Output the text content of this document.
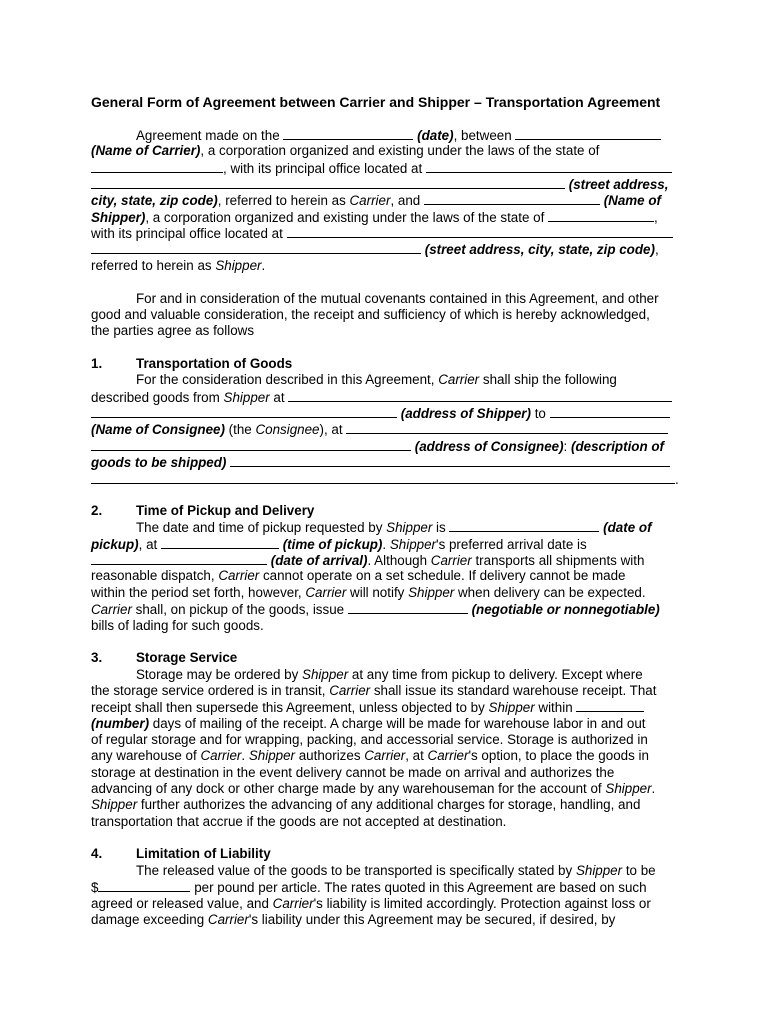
General Form of Agreement between Carrier and Shipper – Transportation Agreement
Agreement made on the	(date), between
(Name of Carrier), a corporation organized and existing under the laws of the state of
, with its principal office located at
(street address,
city, state, zip code), referred to herein as Carrier, and	(Name of
Shipper), a corporation organized and existing under the laws of the state of	,
with its principal office located at
(street address, city, state, zip code),
referred to herein as Shipper.
For and in consideration of the mutual covenants contained in this Agreement, and other
good and valuable consideration, the receipt and sufficiency of which is hereby acknowledged,
the parties agree as follows
1.	Transportation of Goods
For the consideration described in this Agreement, Carrier shall ship the following
described goods from Shipper at
(address of Shipper) to
(Name of Consignee) (the Consignee), at
(address of Consignee): (description of
goods to be shipped)
.
2.	Time of Pickup and Delivery
The date and time of pickup requested by Shipper is	(date of
pickup), at	(time of pickup). Shipper's preferred arrival date is
(date of arrival). Although Carrier transports all shipments with
reasonable dispatch, Carrier cannot operate on a set schedule. If delivery cannot be made
within the period set forth, however, Carrier will notify Shipper when delivery can be expected.
Carrier shall, on pickup of the goods, issue	(negotiable or nonnegotiable)
bills of lading for such goods.
3.	Storage Service
Storage may be ordered by Shipper at any time from pickup to delivery. Except where
the storage service ordered is in transit, Carrier shall issue its standard warehouse receipt. That
receipt shall then supersede this Agreement, unless objected to by Shipper within
(number) days of mailing of the receipt. A charge will be made for warehouse labor in and out
of regular storage and for wrapping, packing, and accessorial service. Storage is authorized in
any warehouse of Carrier. Shipper authorizes Carrier, at Carrier's option, to place the goods in
storage at destination in the event delivery cannot be made on arrival and authorizes the
advancing of any dock or other charge made by any warehouseman for the account of Shipper.
Shipper further authorizes the advancing of any additional charges for storage, handling, and
transportation that accrue if the goods are not accepted at destination.
4.	Limitation of Liability
The released value of the goods to be transported is specifically stated by Shipper to be
$	per pound per article. The rates quoted in this Agreement are based on such
agreed or released value, and Carrier's liability is limited accordingly. Protection against loss or
damage exceeding Carrier's liability under this Agreement may be secured, if desired, by
